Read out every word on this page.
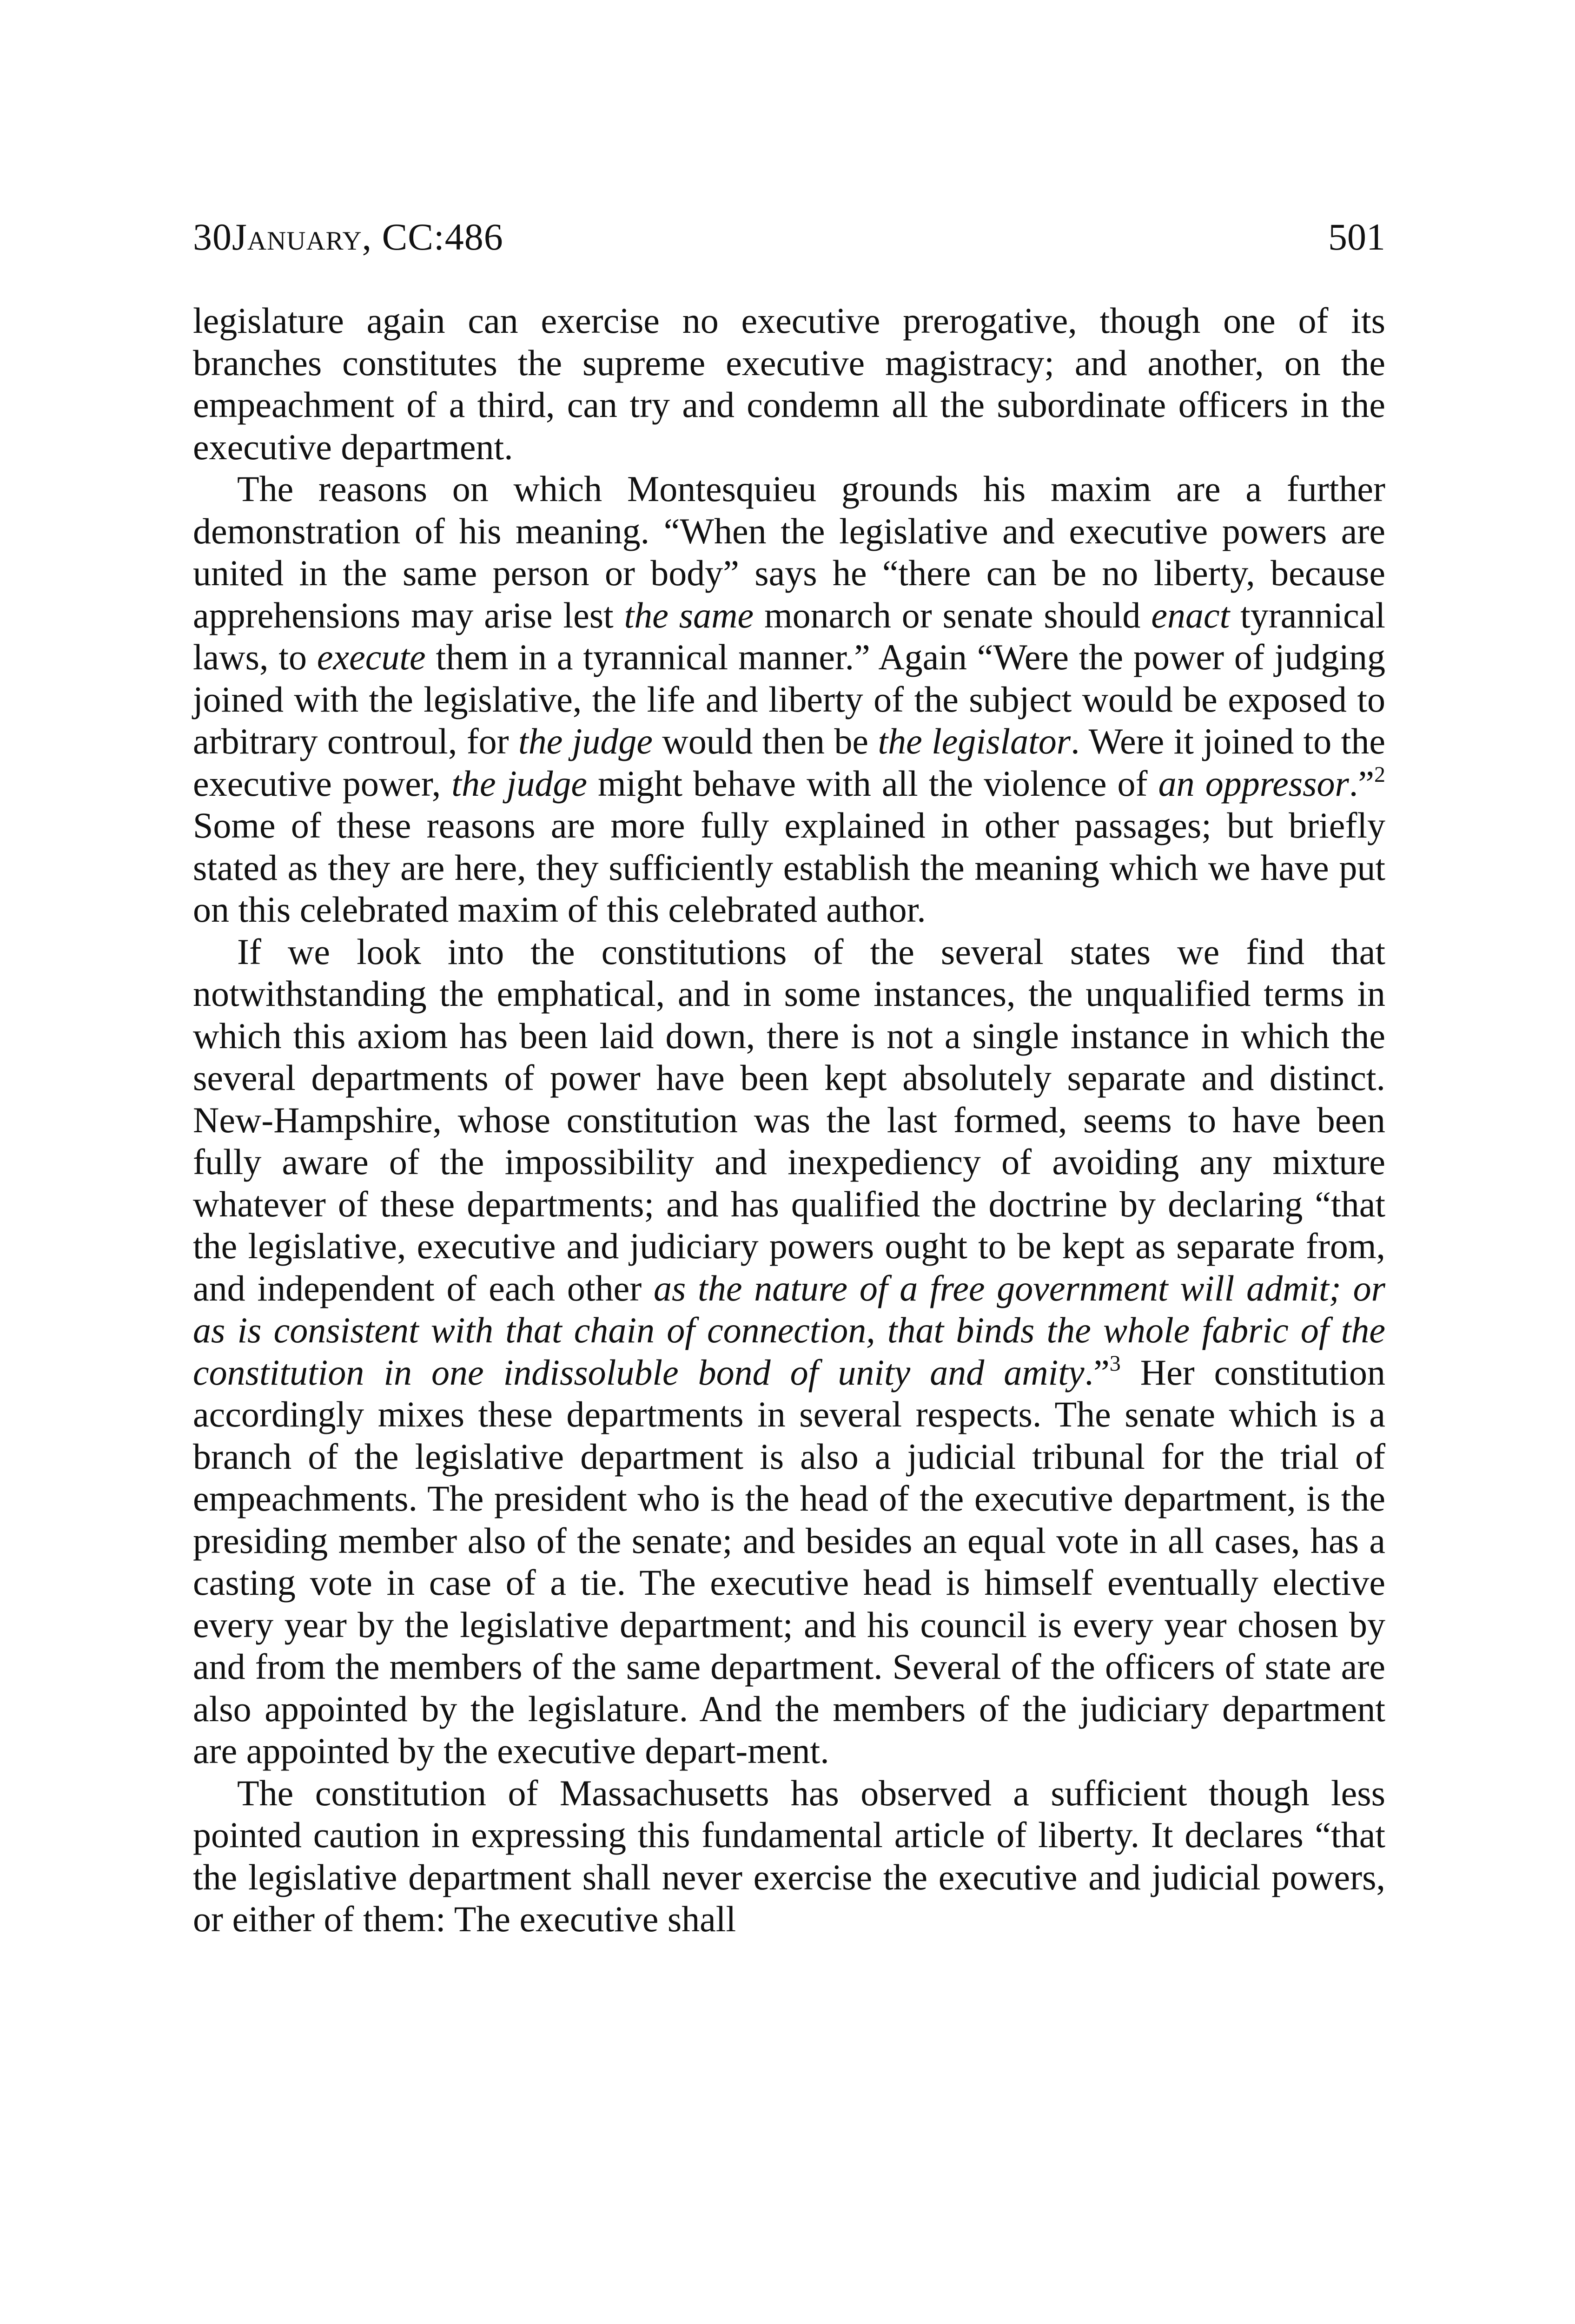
30January, CC:486	501

legislature again can exercise no executive prerogative, though one of its branches constitutes the supreme executive magistracy; and another, on the empeachment of a third, can try and condemn all the subordinate officers in the executive department.

The reasons on which Montesquieu grounds his maxim are a further demonstration of his meaning. “When the legislative and executive powers are united in the same person or body” says he “there can be no liberty, because apprehensions may arise lest the same monarch or senate should enact tyrannical laws, to execute them in a tyrannical manner.” Again “Were the power of judging joined with the legislative, the life and liberty of the subject would be exposed to arbitrary controul, for the judge would then be the legislator. Were it joined to the executive power, the judge might behave with all the violence of an oppressor.”$^2$ Some of these reasons are more fully explained in other passages; but briefly stated as they are here, they sufficiently establish the meaning which we have put on this celebrated maxim of this celebrated author.

If we look into the constitutions of the several states we find that notwithstanding the emphatical, and in some instances, the unqualified terms in which this axiom has been laid down, there is not a single instance in which the several departments of power have been kept absolutely separate and distinct. New-Hampshire, whose constitution was the last formed, seems to have been fully aware of the impossibility and inexpediency of avoiding any mixture whatever of these departments; and has qualified the doctrine by declaring “that the legislative, executive and judiciary powers ought to be kept as separate from, and independent of each other as the nature of a free government will admit; or as is consistent with that chain of connection, that binds the whole fabric of the constitution in one indissoluble bond of unity and amity.”$^3$ Her constitution accordingly mixes these departments in several respects. The senate which is a branch of the legislative department is also a judicial tribunal for the trial of empeachments. The president who is the head of the executive department, is the presiding member also of the senate; and besides an equal vote in all cases, has a casting vote in case of a tie. The executive head is himself eventually elective every year by the legislative department; and his council is every year chosen by and from the members of the same department. Several of the officers of state are also appointed by the legislature. And the members of the judiciary department are appointed by the executive depart-ment.

The constitution of Massachusetts has observed a sufficient though less pointed caution in expressing this fundamental article of liberty. It declares “that the legislative department shall never exercise the executive and judicial powers, or either of them: The executive shall
